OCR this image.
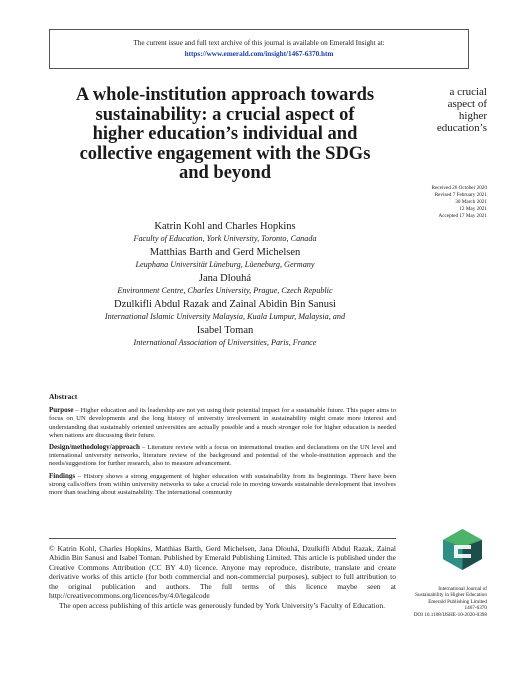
The current issue and full text archive of this journal is available on Emerald Insight at:
https://www.emerald.com/insight/1467-6370.htm
A whole-institution approach towards sustainability: a crucial aspect of higher education’s individual and collective engagement with the SDGs and beyond
a crucial
aspect of
higher
education’s
Received 26 October 2020
Revised 7 February 2021
30 March 2021
12 May 2021
Accepted 17 May 2021
Katrin Kohl and Charles Hopkins
Faculty of Education, York University, Toronto, Canada
Matthias Barth and Gerd Michelsen
Leuphana Universität Lüneburg, Lüeneburg, Germany
Jana Dlouhá
Environment Centre, Charles University, Prague, Czech Republic
Dzulkifli Abdul Razak and Zainal Abidin Bin Sanusi
International Islamic University Malaysia, Kuala Lumpur, Malaysia, and
Isabel Toman
International Association of Universities, Paris, France
Abstract

Purpose – Higher education and its leadership are not yet using their potential impact for a sustainable future. This paper aims to focus on UN developments and the long history of university involvement in sustainability might create more interest and understanding that sustainably oriented universities are actually possible and a much stronger role for higher education is needed when nations are discussing their future.

Design/methodology/approach – Literature review with a focus on international treaties and declarations on the UN level and international university networks, literature review of the background and potential of the whole-institution approach and the needs/suggestions for further research, also to measure advancement.

Findings – History shows a strong engagement of higher education with sustainability from its beginnings. There have been strong calls/offers from within university networks to take a crucial role in moving towards sustainable development that involves more than teaching about sustainability. The international community

© Katrin Kohl, Charles Hopkins, Matthias Barth, Gerd Michelsen, Jana Dlouhá, Dzulkifli Abdul Razak, Zainal Abidin Bin Sanusi and Isabel Toman. Published by Emerald Publishing Limited. This article is published under the Creative Commons Attribution (CC BY 4.0) licence. Anyone may reproduce, distribute, translate and create derivative works of this article (for both commercial and non-commercial purposes), subject to full attribution to the original publication and authors. The full terms of this licence maybe seen at http://creativecommons.org/licences/by/4.0/legalcode

The open access publishing of this article was generously funded by York University’s Faculty of Education.

International Journal of
Sustainability in Higher Education
Emerald Publishing Limited
1467-6370
DOI 10.1108/IJSHE-10-2020-0398
